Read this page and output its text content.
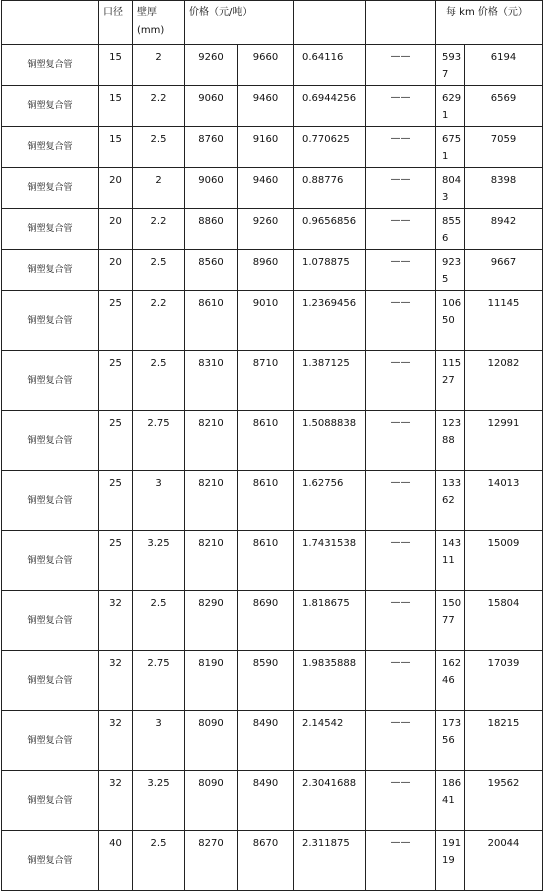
	口径	壁厚
(mm)	价格（元/吨）				每 km 价格（元）	
铜塑复合管	15	2	9260	9660	0.64116	——	5937	6194
铜塑复合管	15	2.2	9060	9460	0.6944256	——	6291	6569
铜塑复合管	15	2.5	8760	9160	0.770625	——	6751	7059
铜塑复合管	20	2	9060	9460	0.88776	——	8043	8398
铜塑复合管	20	2.2	8860	9260	0.9656856	——	8556	8942
铜塑复合管	20	2.5	8560	8960	1.078875	——	9235	9667
铜塑复合管	25	2.2	8610	9010	1.2369456	——	10650	11145
铜塑复合管	25	2.5	8310	8710	1.387125	——	11527	12082
铜塑复合管	25	2.75	8210	8610	1.5088838	——	12388	12991
铜塑复合管	25	3	8210	8610	1.62756	——	13362	14013
铜塑复合管	25	3.25	8210	8610	1.7431538	——	14311	15009
铜塑复合管	32	2.5	8290	8690	1.818675	——	15077	15804
铜塑复合管	32	2.75	8190	8590	1.9835888	——	16246	17039
铜塑复合管	32	3	8090	8490	2.14542	——	17356	18215
铜塑复合管	32	3.25	8090	8490	2.3041688	——	18641	19562
铜塑复合管	40	2.5	8270	8670	2.311875	——	19119	20044
